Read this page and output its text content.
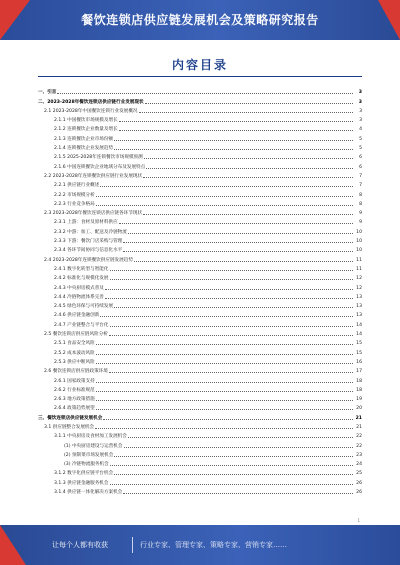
餐饮连锁店供应链发展机会及策略研究报告
内容目录
一、引言	3
二、2023-2028年餐饮连锁店供应链行业发展现状	3
2.1 2023-2028年中国餐饮连锁行业发展概况	3
2.1.1 中国餐饮市场规模及增长	3
2.1.2 连锁餐饮企业数量及增长	4
2.1.3 连锁餐饮企业市场份额	5
2.1.4 连锁餐饮企业发展趋势	5
2.1.5 2025-2028年连锁餐饮市场规模预测	6
2.1.6 中国连锁餐饮企业地域分布及发展特点	6
2.2 2023-2028年连锁餐饮供应链行业发展现状	7
2.2.1 供应链行业概述	7
2.2.2 市场规模分析	8
2.2.3 行业竞争格局	8
2.3 2023-2028年餐饮连锁店供应链各环节现状	9
2.3.1 上游：食材及原材料供应	9
2.3.2 中游：加工、配送及冷链物流	10
2.3.3 下游：餐饮门店采购与管理	10
2.3.4 各环节间协同与信息化水平	10
2.4 2023-2028年连锁餐饮供应链发展趋势	11
2.4.1 数字化转型与智能化	11
2.4.2 标准化与规模化发展	12
2.4.3 中央厨房模式普及	12
2.4.4 冷链物流体系完善	13
2.4.5 绿色环保与可持续发展	13
2.4.6 供应链金融创新	13
2.4.7 产业链整合与平台化	14
2.5 餐饮连锁店供应链风险分析	14
2.5.1 食品安全风险	15
2.5.2 成本波动风险	15
2.5.3 供应中断风险	16
2.6 餐饮连锁店供应链政策环境	17
2.6.1 国家政策支持	18
2.6.2 行业标准规范	18
2.6.3 地方政策措施	19
2.6.4 政策趋势展望	20
三、餐饮连锁店供应链发展机会	21
3.1 供应链整合发展机会	21
3.1.1 中央厨房及食材加工发展机会	22
(1) 中央厨房建设与运营机会	22
(2) 预制菜市场发展机会	23
(3) 冷链物流服务机会	24
3.1.2 数字化供应链平台机会	25
3.1.3 供应链金融服务机会	26
3.1.4 供应链一体化解决方案机会	26
1
让每个人都有收获	行业专家、管理专家、策略专家、营销专家……
